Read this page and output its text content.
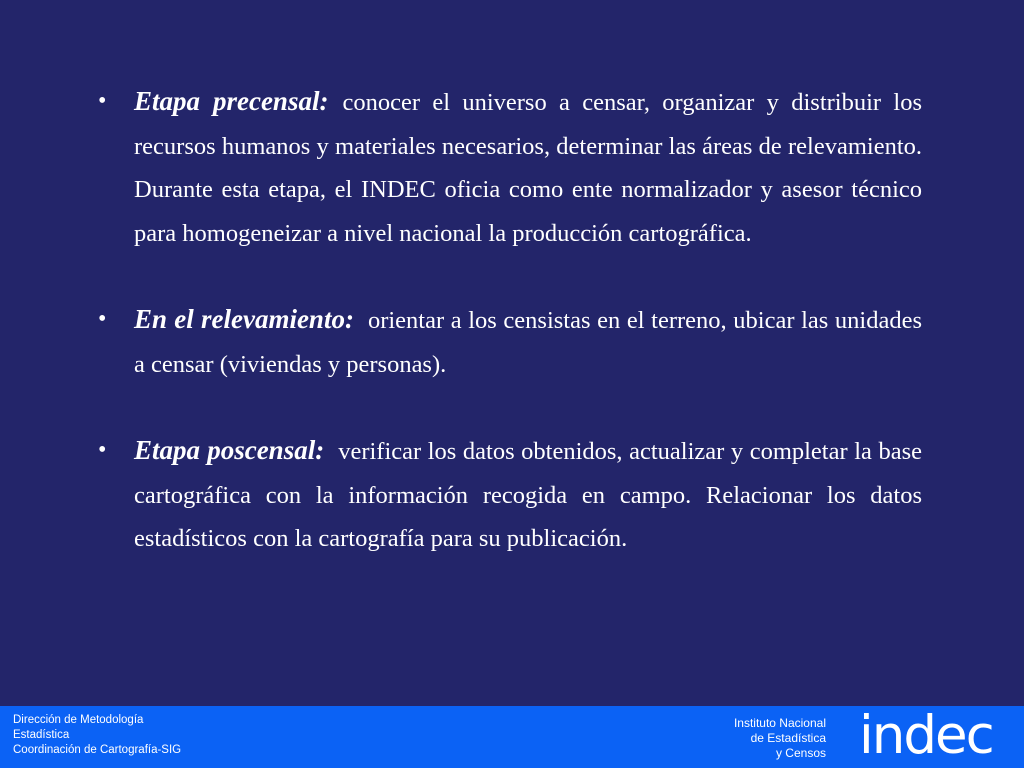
•	Etapa precensal: conocer el universo a censar, organizar y distribuir los recursos humanos y materiales necesarios, determinar las áreas de relevamiento. Durante esta etapa, el INDEC oficia como ente normalizador y asesor técnico para homogeneizar a nivel nacional la producción cartográfica.
•	En el relevamiento: orientar a los censistas en el terreno, ubicar las unidades a censar (viviendas y personas).
•	Etapa poscensal: verificar los datos obtenidos, actualizar y completar la base cartográfica con la información recogida en campo. Relacionar los datos estadísticos con la cartografía para su publicación.
Dirección de Metodología
Estadística
Coordinación de Cartografía-SIG
Instituto Nacional
de Estadística
y Censos indec
